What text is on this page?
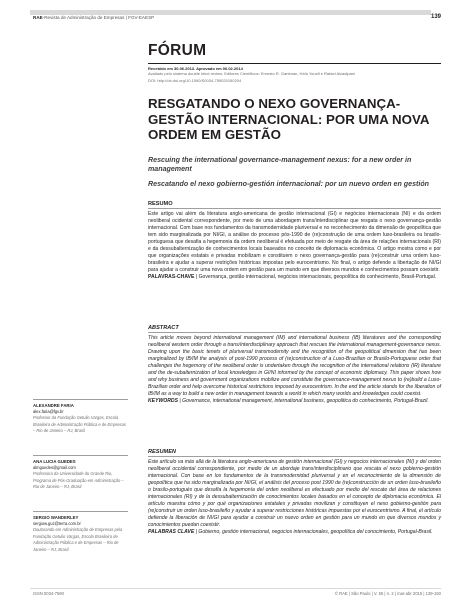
RAE-Revista de Administração de Empresas | FGV-EAESP	139
FÓRUM
Recebido em 30.06.2013. Aprovado em 06.02.2014
Avaliado pelo sistema double blind review. Editores Científicos: Ernesto R. Gantman, Hélá Yousfi e Rafael Alcadipani
DOI: http://dx.doi.org/10.1590/S0034-759020150204
RESGATANDO O NEXO GOVERNANÇA-GESTÃO INTERNACIONAL: POR UMA NOVA ORDEM EM GESTÃO

Rescuing the international governance-management nexus: for a new order in management

Rescatando el nexo gobierno-gestión internacional: por un nuevo orden en gestión

RESUMO

Este artigo vai além da literatura anglo-americana de gestão internacional (GI) e negócios internacionais (NI) e da ordem neoliberal ocidental correspondente, por meio de uma abordagem trans/interdisciplinar que resgata o nexo governança-gestão internacional. Com base nos fundamentos da transmodernidade pluriversal e no reconhecimento da dimensão de geopolítica que tem sido marginalizada por NI/GI, a análise do processo pós-1990 de (re)construção de uma ordem luso-brasileira ou brasilo-portuguesa que desafia a hegemonia da ordem neoliberal é efetuada por meio de resgate da área de relações internacionais (RI) e da dessubalternização de conhecimentos locais baseados no conceito de diplomacia econômica. O artigo mostra como e por que organizações estatais e privadas mobilizam e constituem o nexo governança-gestão para (re)construir uma ordem luso-brasileira e ajudar a superar restrições históricas impostas pelo eurocentrismo. No final, o artigo defende a libertação de NI/GI para ajudar a construir uma nova ordem em gestão para um mundo em que diversos mundos e conhecimentos possam coexistir.

PALAVRAS-CHAVE | Governança, gestão internacional, negócios internacionais, geopolítica do conhecimento, Brasil-Portugal.

ABSTRACT

This article moves beyond international management (IM) and international business (IB) literatures and the corresponding neoliberal western order through a trans/interdisciplinary approach that rescues the international management-governance nexus. Drawing upon the basic tenets of pluriversal transmodernity and the recognition of the geopolitical dimension that has been marginalized by IB/IM the analysis of post-1990 process of (re)construction of a Luso-Brazilian or Brasilo-Portuguese order that challenges the hegemony of the neoliberal order is undertaken through the recognition of the international relations (IR) literature and the de-subalternization of local knowledges in GI/NI informed by the concept of economic diplomacy. This paper shows how and why business and government organizations mobilize and constitute the governance-management nexus to (re)build a Luso-Brazilian order and help overcome historical restrictions imposed by eurocentrism. In the end the article stands for the liberation of IB/IM as a way to build a new order in management towards a world in which many worlds and knowledges could coexist.

KEYWORDS | Governance, international management, international business, geopolitica do conhecimento, Portugal-Brazil.

RESUMEN

Este artículo va más allá de la literatura anglo-americana de gestión internacional (GI) y negocios internacionales (NI) y del orden neoliberal occidental correspondiente, por medio de un abordaje trans/interdisciplinario que rescata el nexo gobierno-gestión internacional. Con base en los fundamentos de la transmodernidad pluriversal y en el reconocimiento de la dimensión de geopolítica que ha sido marginalizada por NI/GI, el análisis del proceso post 1990 de (re)construcción de un orden luso-brasileño o brasilo-portugués que desafía la hegemonía del orden neoliberal es efectuado por medio del rescate del área de relaciones internacionales (RI) y de la dessubalternización de conocimientos locales basados en el concepto de diplomacia económica. El artículo muestra cómo y por qué organizaciones estatales y privadas movilizan y constituyen el nexo gobierno-gestión para (re)construir un orden luso-brasileño y ayudar a superar restricciones históricas impuestas por el eurocentrismo. A final, el artículo defiende la liberación de NI/GI para ayudar a construir un nuevo orden en gestión para un mundo en que diversos mundos y conocimientos puedan coexistir.

PALABRAS CLAVE | Gobierno, gestión internacional, negocios internacionales, geopolítica del conocimiento, Portugal-Brasil.

ALEXANDRE FARIA

alex.faria@fgv.br

Professor da Fundação Getulio Vargas, Escola Brasileira de Administração Pública e de Empresas – Rio de Janeiro – RJ, Brasil

ANA LUCIA GUEDES

almguedes@gmail.com

Professora da Universidade do Grande Rio, Programa de Pós-Graduação em Administração – Rio de Janeiro – RJ, Brasil

SERGIO WANDERLEY

sergiow.guz@terra.com.br

Doutorando em Administração de Empresas pela Fundação Getulio Vargas, Escola Brasileira de Administração Pública e de Empresas – Rio de Janeiro – RJ, Brasil

ISSN 0034-7590	© RAE | São Paulo | V. 55 | n. 2 | mar-abr 2015 | 139-150
